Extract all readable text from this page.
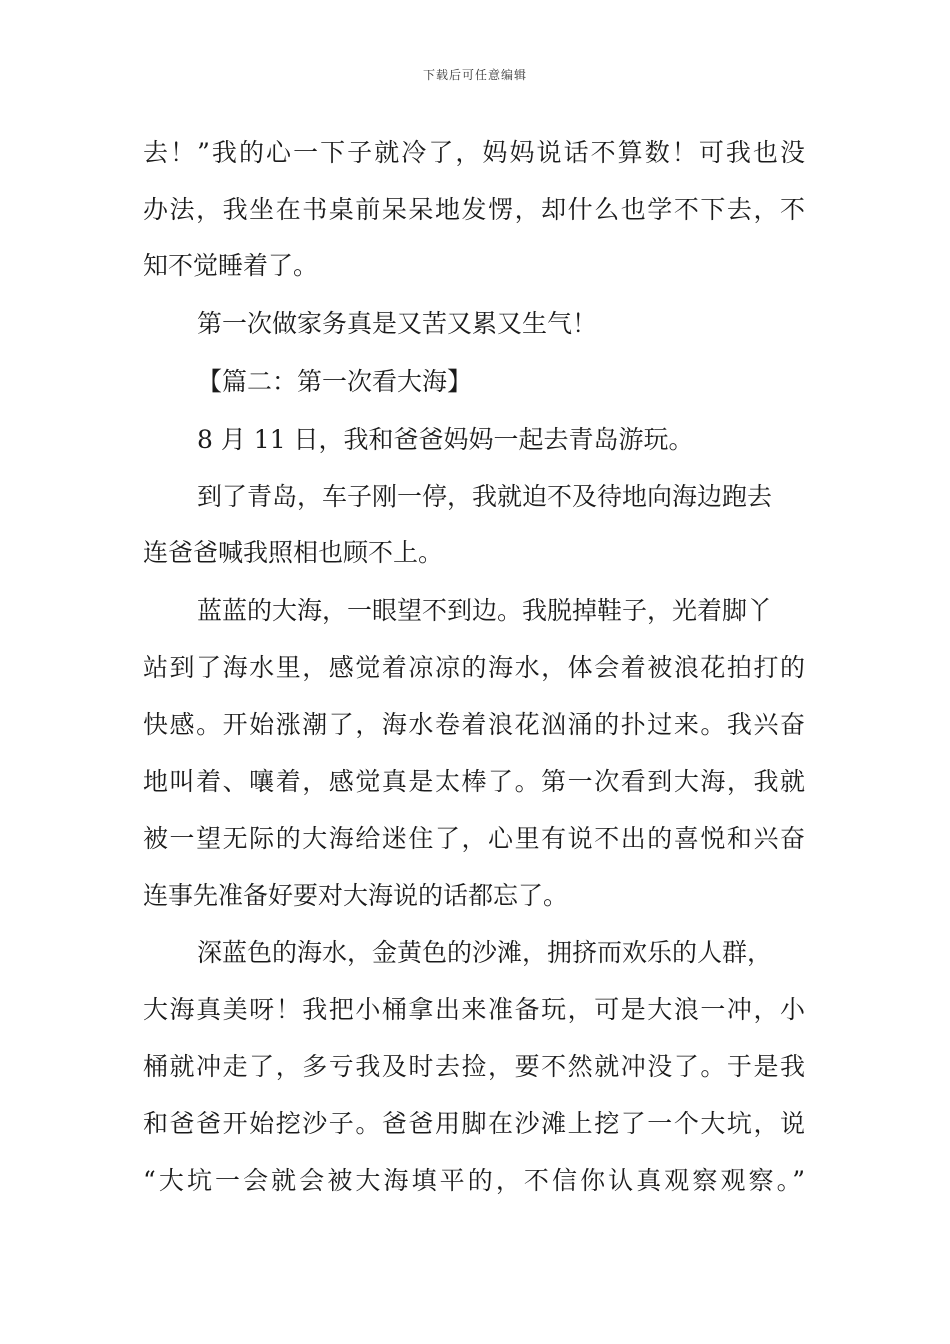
下载后可任意编辑
去！”我的心一下子就冷了，妈妈说话不算数！可我也没
办法，我坐在书桌前呆呆地发愣，却什么也学不下去，不
知不觉睡着了。
第一次做家务真是又苦又累又生气！
【篇二：第一次看大海】
8 月 11 日，我和爸爸妈妈一起去青岛游玩。
到了青岛，车子刚一停，我就迫不及待地向海边跑去
连爸爸喊我照相也顾不上。
蓝蓝的大海，一眼望不到边。我脱掉鞋子，光着脚丫
站到了海水里，感觉着凉凉的海水，体会着被浪花拍打的
快感。开始涨潮了，海水卷着浪花汹涌的扑过来。我兴奋
地叫着、嚷着，感觉真是太棒了。第一次看到大海，我就
被一望无际的大海给迷住了，心里有说不出的喜悦和兴奋
连事先准备好要对大海说的话都忘了。
深蓝色的海水，金黄色的沙滩，拥挤而欢乐的人群，
大海真美呀！我把小桶拿出来准备玩，可是大浪一冲，小
桶就冲走了，多亏我及时去捡，要不然就冲没了。于是我
和爸爸开始挖沙子。爸爸用脚在沙滩上挖了一个大坑，说
“大坑一会就会被大海填平的，不信你认真观察观察。”
